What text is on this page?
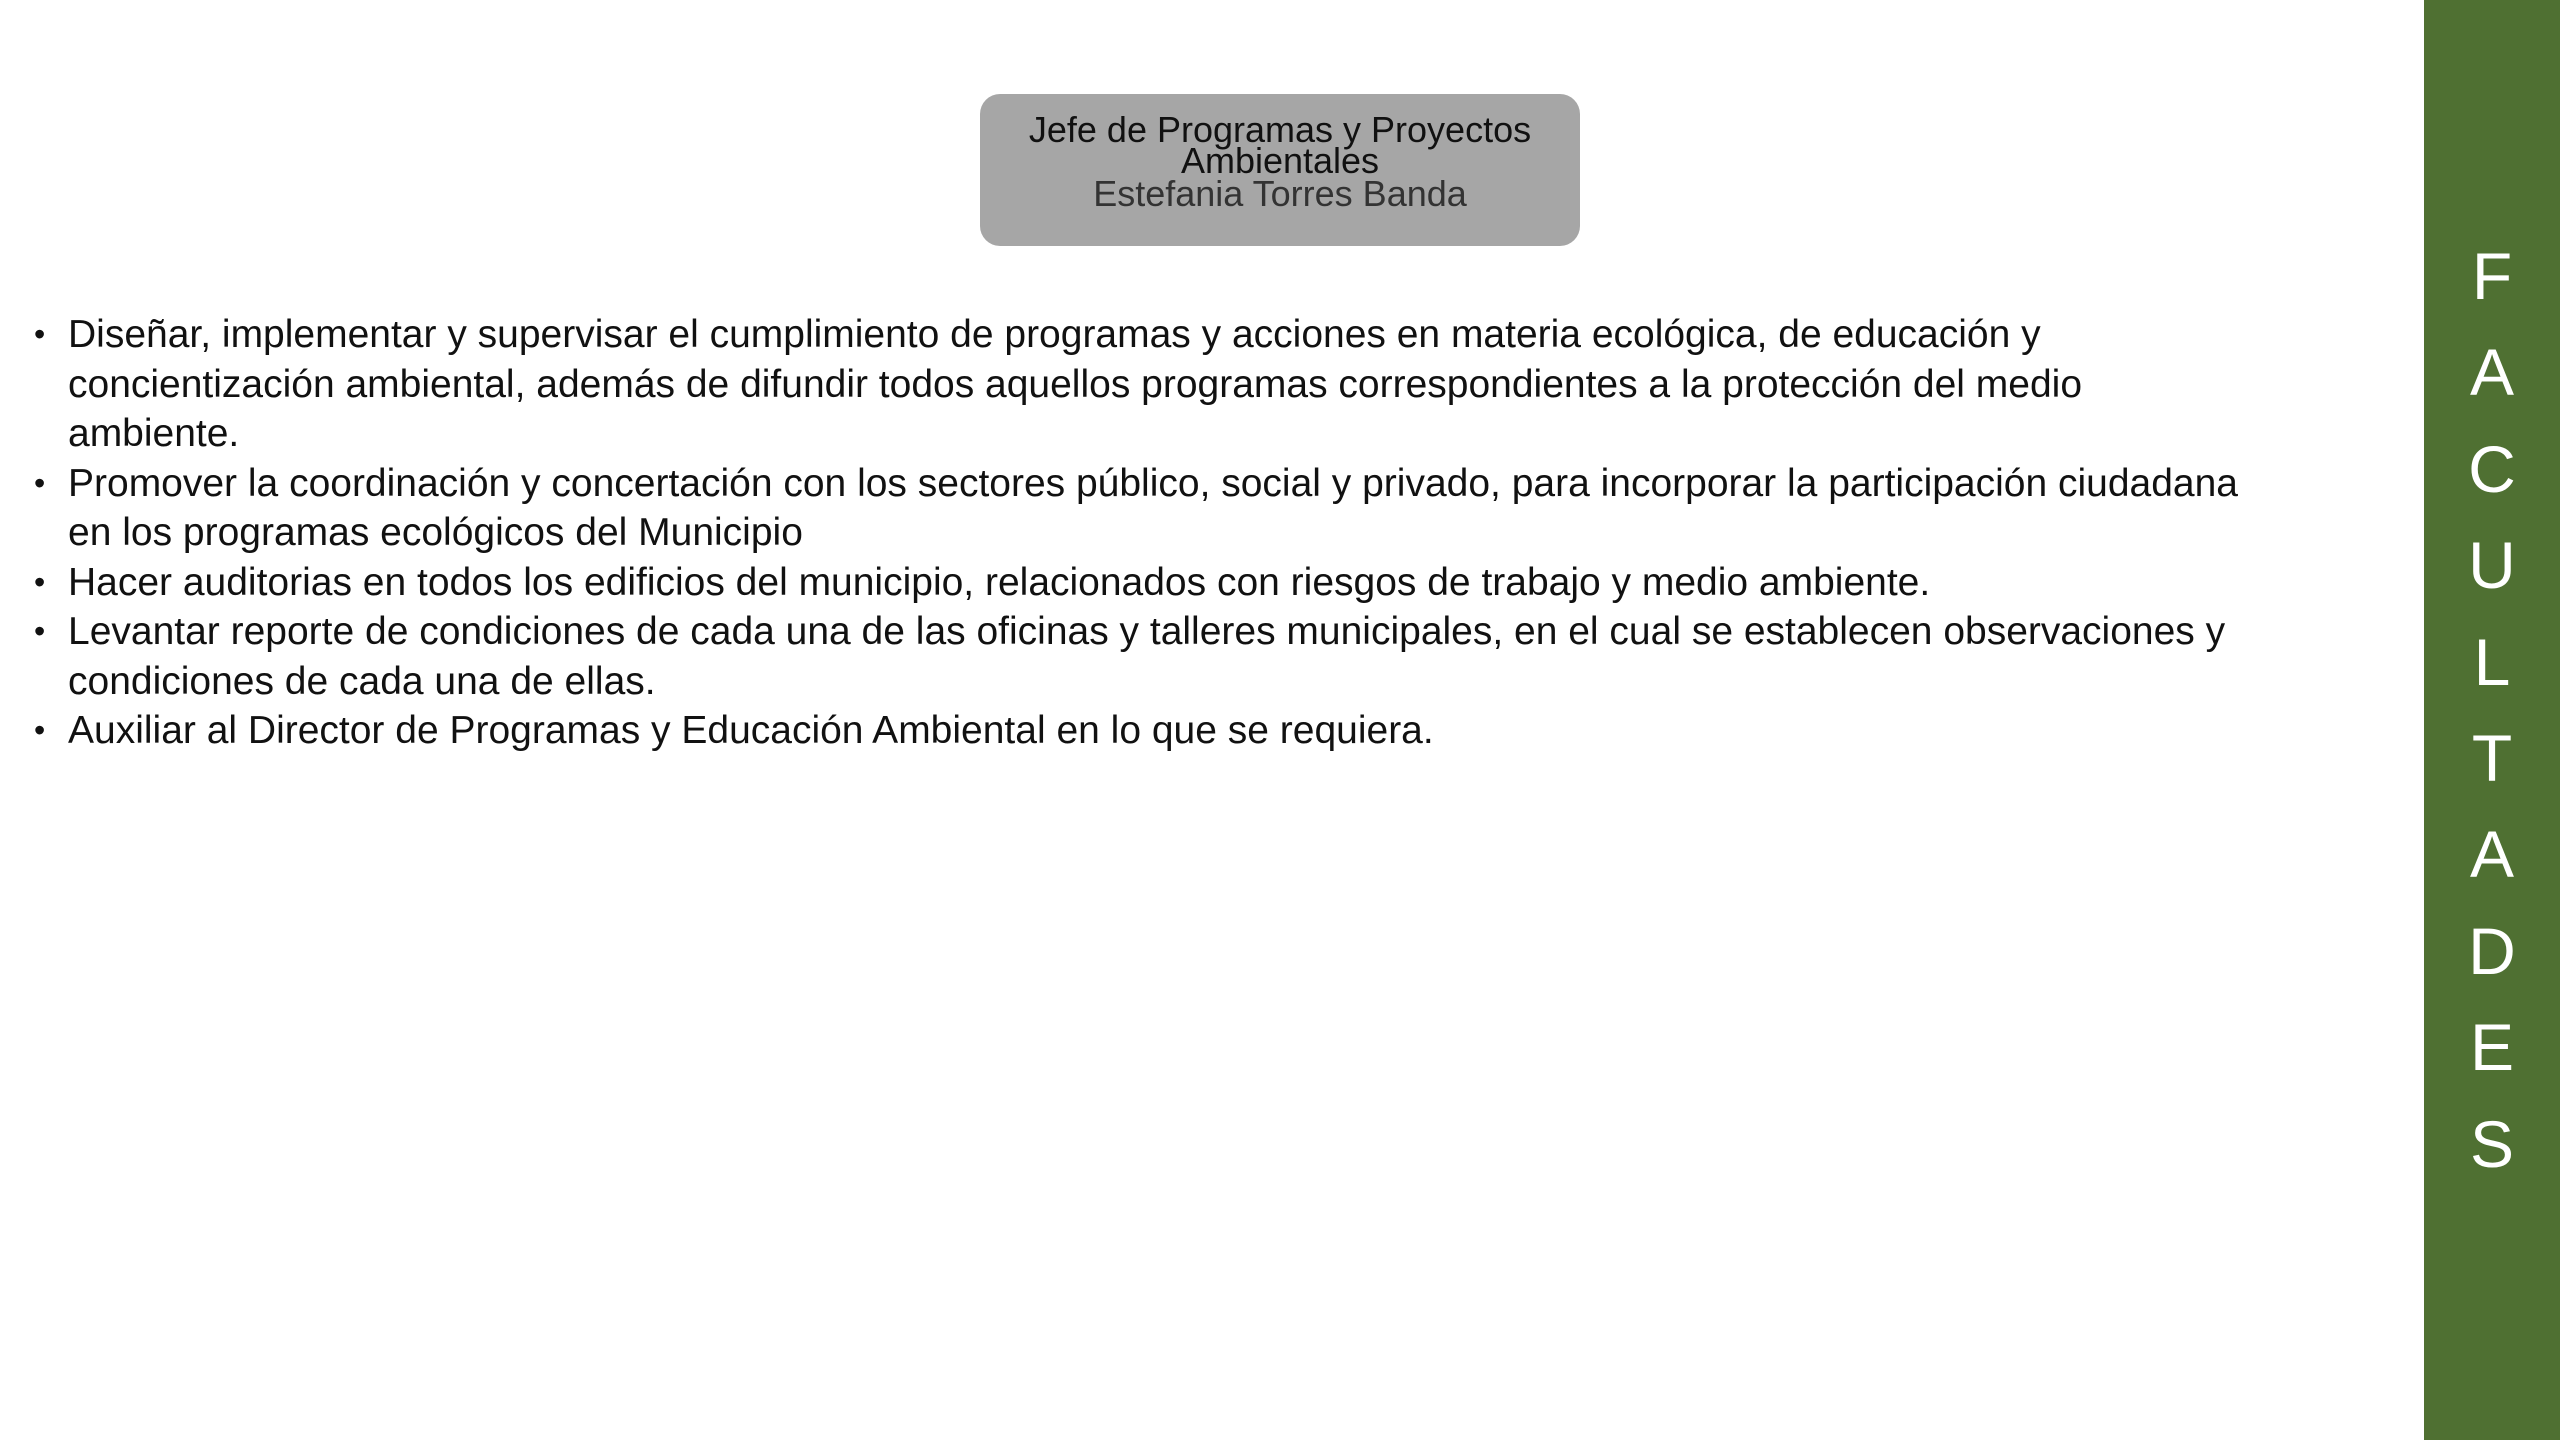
Jefe de Programas y Proyectos Ambientales
Estefania Torres Banda
• Diseñar, implementar y supervisar el cumplimiento de programas y acciones en materia ecológica, de educación y concientización ambiental, además de difundir todos aquellos programas correspondientes a la protección del medio ambiente.
• Promover la coordinación y concertación con los sectores público, social y privado, para incorporar la participación ciudadana en los programas ecológicos del Municipio
• Hacer auditorias en todos los edificios del municipio, relacionados con riesgos de trabajo y medio ambiente.
• Levantar reporte de condiciones de cada una de las oficinas y talleres municipales, en el cual se establecen observaciones y condiciones de cada una de ellas.
• Auxiliar al Director de Programas y Educación Ambiental en lo que se requiera.
F
A
C
U
L
T
A
D
E
S
